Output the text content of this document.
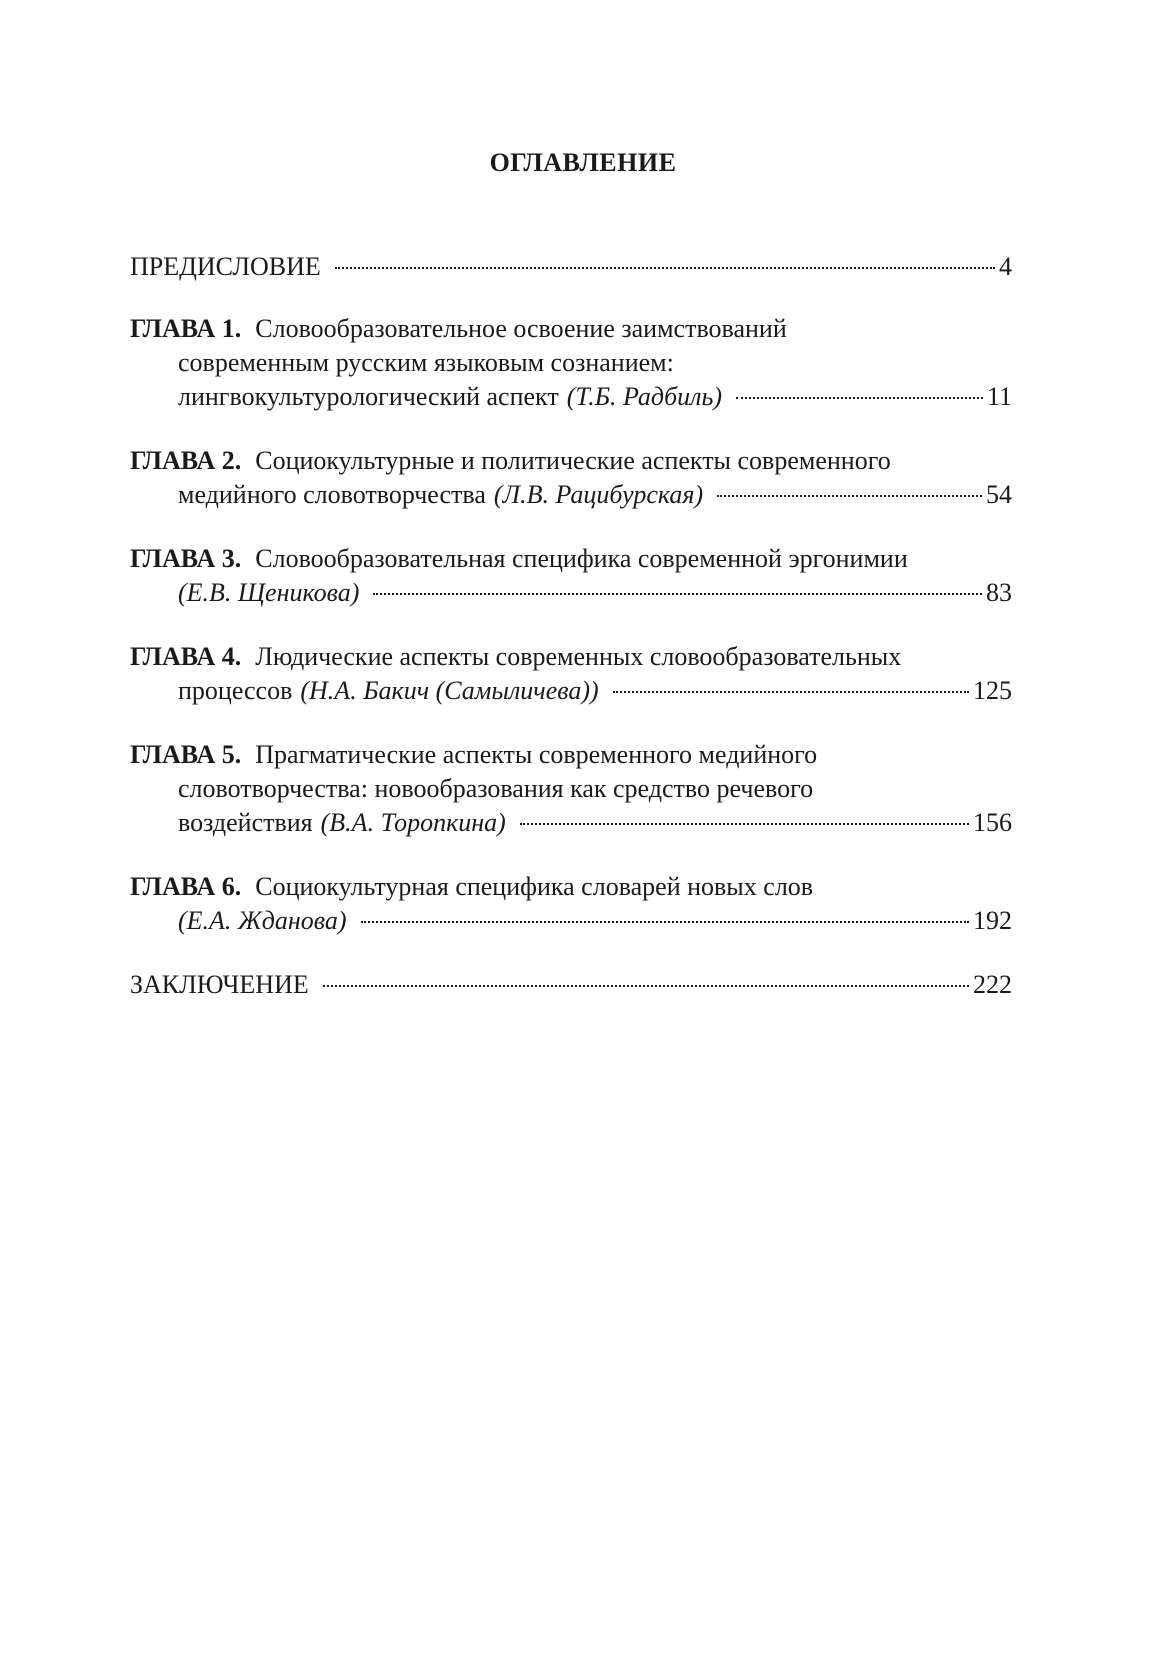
ОГЛАВЛЕНИЕ
ПРЕДИСЛОВИЕ	4
ГЛАВА 1. Словообразовательное освоение заимствований
современным русским языковым сознанием:
лингвокультурологический аспект (Т.Б. Радбиль)	11
ГЛАВА 2. Социокультурные и политические аспекты современного
медийного словотворчества (Л.В. Рацибурская)	54
ГЛАВА 3. Словообразовательная специфика современной эргонимии
(Е.В. Щеникова)	83
ГЛАВА 4. Людические аспекты современных словообразовательных
процессов (Н.А. Бакич (Самыличева))	125
ГЛАВА 5. Прагматические аспекты современного медийного
словотворчества: новообразования как средство речевого
воздействия (В.А. Торопкина)	156
ГЛАВА 6. Социокультурная специфика словарей новых слов
(Е.А. Жданова)	192
ЗАКЛЮЧЕНИЕ	222
